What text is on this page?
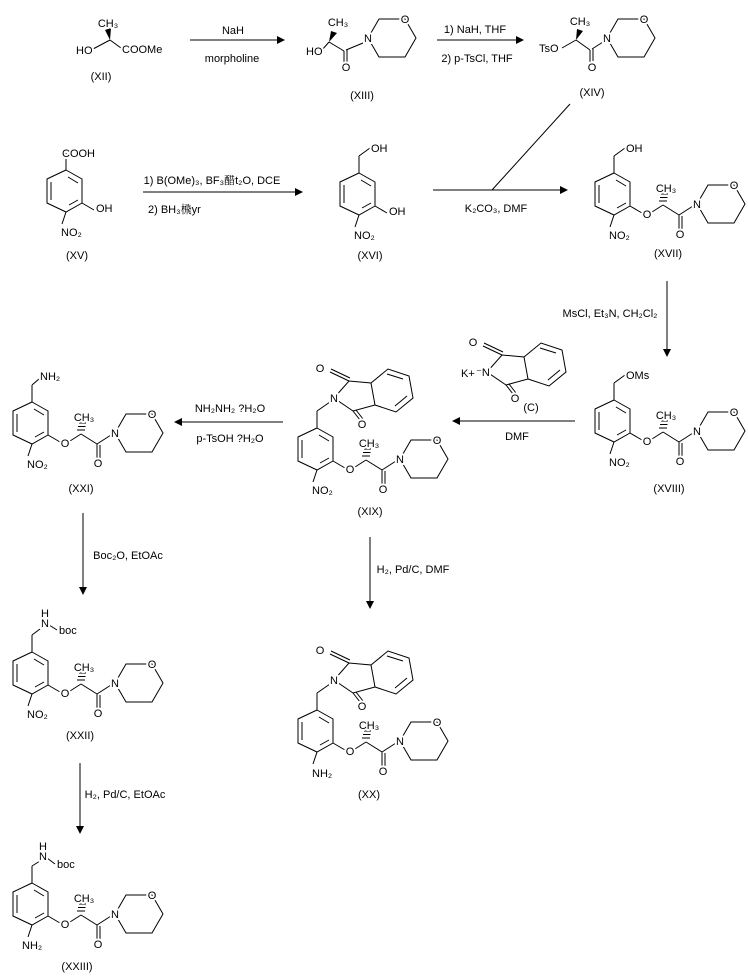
HO
CH₃
COOMe
(XII)
NaH
morpholine
HO
CH₃
O
N
O
(XIII)
1) NaH, THF
2) p-TsCl, THF
TsO
CH₃
O
N
O
(XIV)
COOH
OH
NO₂
(XV)
1) B(OMe)₃, BF₃醋t₂O, DCE
2) BH₃榌yr
OH
OH
NO₂
(XVI)
K₂CO₃, DMF
OH
O
CH₃
O
N
O
NO₂
(XVII)
MsCl, Et₃N, CH₂Cl₂
OMs
O
CH₃
O
N
O
NO₂
(XVIII)
K+ ⁻N
O
O
(C)
DMF
N
O
O
O
CH₃
O
N
O
NO₂
(XIX)
NH₂NH₂ ?H₂O
p-TsOH ?H₂O
NH₂
O
CH₃
O
N
O
NO₂
(XXI)
Boc₂O, EtOAc
H₂, Pd/C, DMF
H
N
boc
O
CH₃
O
N
O
NO₂
(XXII)
N
O
O
O
CH₃
O
N
O
NH₂
(XX)
H₂, Pd/C, EtOAc
H
N
boc
O
CH₃
O
N
O
NH₂
(XXIII)
